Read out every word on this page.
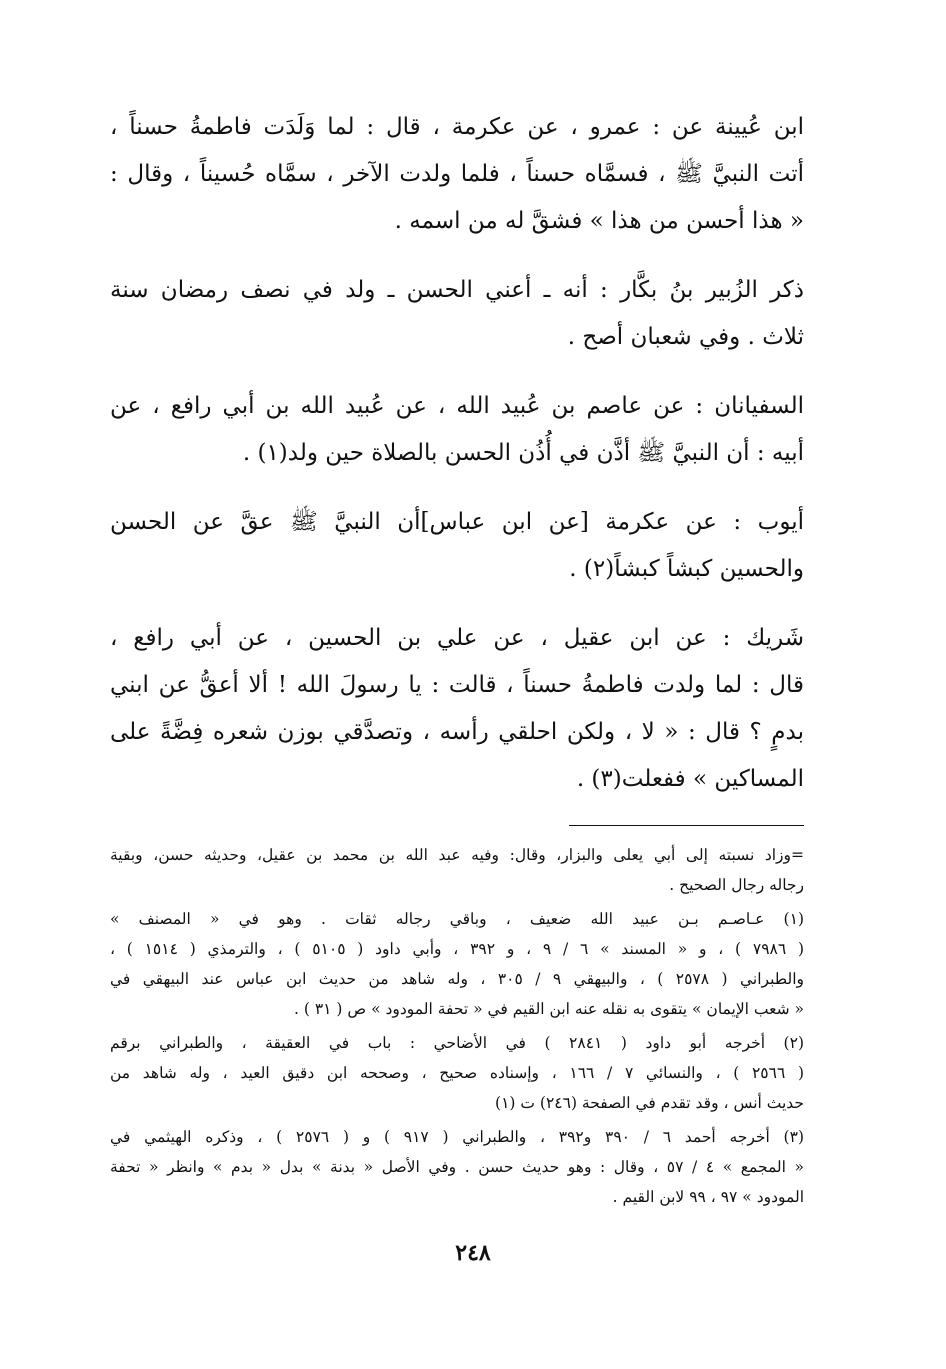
ابن عُيينة عن : عمرو ، عن عكرمة ، قال : لما وَلَدَت فاطمةُ حسناً ،
أتت النبيَّ ﷺ ، فسمَّاه حسناً ، فلما ولدت الآخر ، سمَّاه حُسيناً ، وقال :
« هذا أحسن من هذا » فشقَّ له من اسمه .
ذكر الزُبير بنُ بكَّار : أنه ـ أعني الحسن ـ ولد في نصف رمضان سنة
ثلاث . وفي شعبان أصح .
السفيانان : عن عاصم بن عُبيد الله ، عن عُبيد الله بن أبي رافع ، عن
أبيه : أن النبيَّ ﷺ أذَّن في أُذُن الحسن بالصلاة حين ولد(١) .
أيوب : عن عكرمة [عن ابن عباس]أن النبيَّ ﷺ عقَّ عن الحسن
والحسين كبشاً كبشاً(٢) .
شَريك : عن ابن عقيل ، عن علي بن الحسين ، عن أبي رافع ،
قال : لما ولدت فاطمةُ حسناً ، قالت : يا رسولَ الله ! ألا أعقُّ عن ابني
بدمٍ ؟ قال : « لا ، ولكن احلقي رأسه ، وتصدَّقي بوزن شعره فِضَّةً على
المساكين » ففعلت(٣) .
=وزاد نسبته إلى أبي يعلى والبزار، وقال: وفيه عبد الله بن محمد بن عقيل، وحديثه حسن، وبقية
رجاله رجال الصحيح .
(١) عـاصـم بـن عبيد الله ضعيف ، وباقي رجاله ثقات . وهو في « المصنف »
( ٧٩٨٦ ) ، و « المسند » ٦ / ٩ ، و ٣٩٢ ، وأبي داود ( ٥١٠٥ ) ، والترمذي ( ١٥١٤ ) ،
والطبراني ( ٢٥٧٨ ) ، والبيهقي ٩ / ٣٠٥ ، وله شاهد من حديث ابن عباس عند البيهقي في
« شعب الإيمان » يتقوى به نقله عنه ابن القيم في « تحفة المودود » ص ( ٣١ ) .
(٢) أخرجه أبو داود ( ٢٨٤١ ) في الأضاحي : باب في العقيقة ، والطبراني برقم
( ٢٥٦٦ ) ، والنسائي ٧ / ١٦٦ ، وإسناده صحيح ، وصححه ابن دقيق العيد ، وله شاهد من
حديث أنس ، وقد تقدم في الصفحة (٢٤٦) ت (١)
(٣) أخرجه أحمد ٦ / ٣٩٠ و٣٩٢ ، والطبراني ( ٩١٧ ) و ( ٢٥٧٦ ) ، وذكره الهيثمي في
« المجمع » ٤ / ٥٧ ، وقال : وهو حديث حسن . وفي الأصل « بدنة » بدل « بدم » وانظر « تحفة
المودود » ٩٧ ، ٩٩ لابن القيم .
٢٤٨
